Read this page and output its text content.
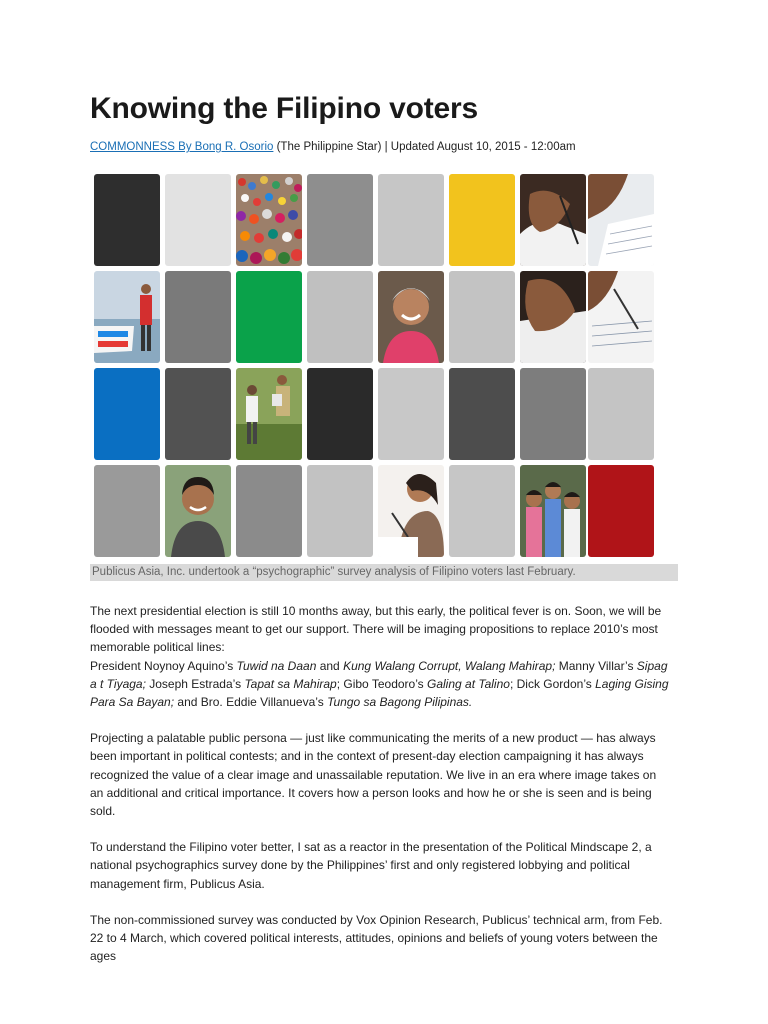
Knowing the Filipino voters
COMMONNESS By Bong R. Osorio (The Philippine Star) | Updated August 10, 2015 - 12:00am
Publicus Asia, Inc. undertook a “psychographic” survey analysis of Filipino voters last February.

The next presidential election is still 10 months away, but this early, the political fever is on. Soon, we will be flooded with messages meant to get our support. There will be imaging propositions to replace 2010’s most memorable political lines:
President Noynoy Aquino’s Tuwid na Daan and Kung Walang Corrupt, Walang Mahirap; Manny Villar’s Sipag a t Tiyaga; Joseph Estrada’s Tapat sa Mahirap; Gibo Teodoro’s Galing at Talino; Dick Gordon’s Laging Gising Para Sa Bayan; and Bro. Eddie Villanueva’s Tungo sa Bagong Pilipinas.

Projecting a palatable public persona — just like communicating the merits of a new product — has always been important in political contests; and in the context of present-day election campaigning it has always recognized the value of a clear image and unassailable reputation. We live in an era where image takes on an additional and critical importance. It covers how a person looks and how he or she is seen and is being sold.

To understand the Filipino voter better, I sat as a reactor in the presentation of the Political Mindscape 2, a national psychographics survey done by the Philippines’ first and only registered lobbying and political management firm, Publicus Asia.

The non-commissioned survey was conducted by Vox Opinion Research, Publicus’ technical arm, from Feb. 22 to 4 March, which covered political interests, attitudes, opinions and beliefs of young voters between the ages
